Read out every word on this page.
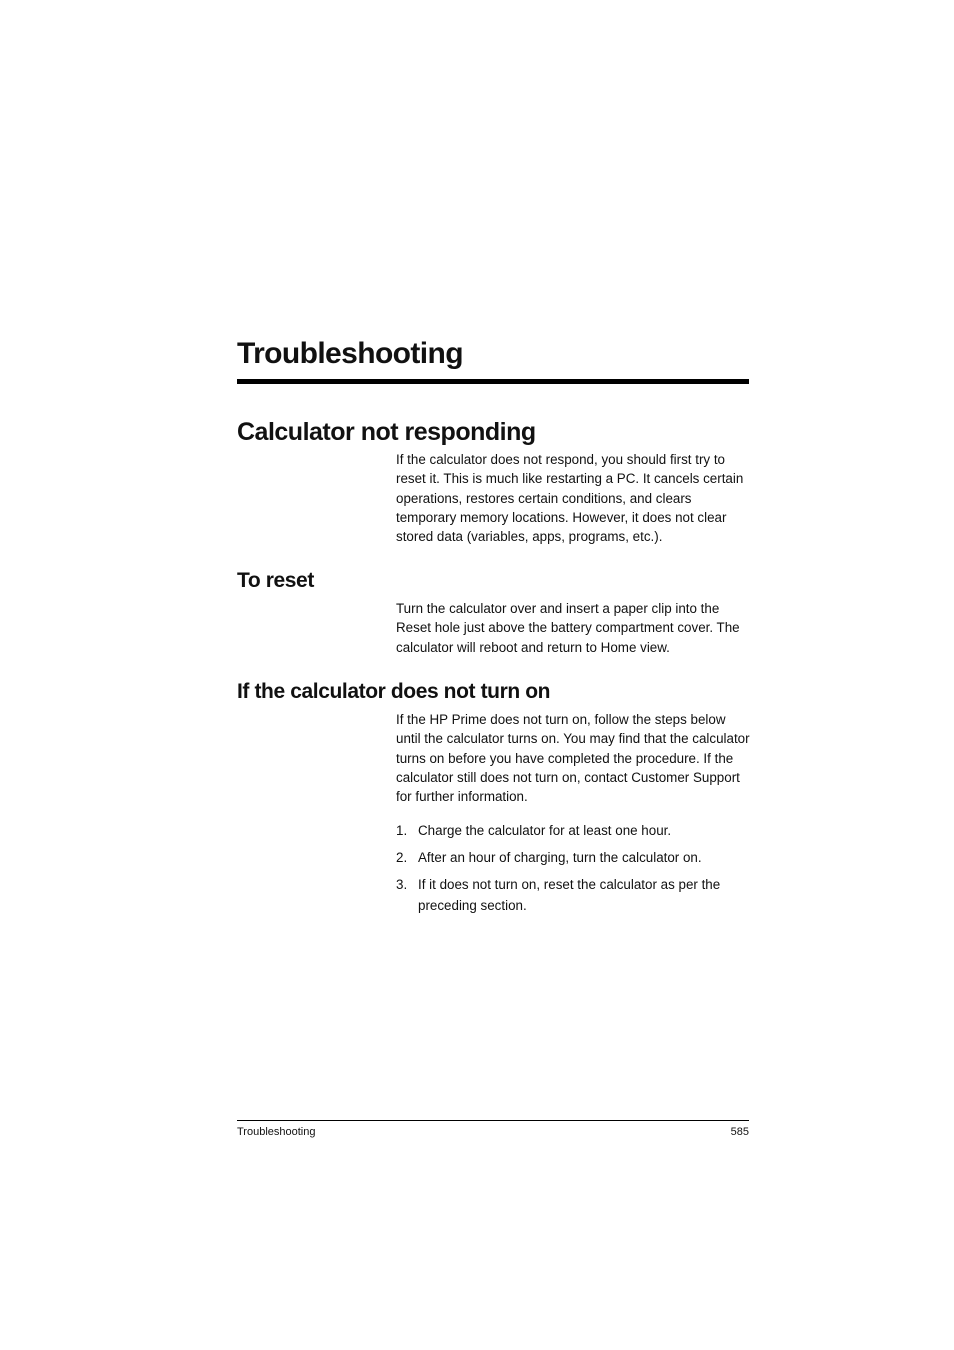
Troubleshooting
Calculator not responding

If the calculator does not respond, you should first try to reset it. This is much like restarting a PC. It cancels certain operations, restores certain conditions, and clears temporary memory locations. However, it does not clear stored data (variables, apps, programs, etc.).

To reset

Turn the calculator over and insert a paper clip into the Reset hole just above the battery compartment cover. The calculator will reboot and return to Home view.

If the calculator does not turn on

If the HP Prime does not turn on, follow the steps below until the calculator turns on. You may find that the calculator turns on before you have completed the procedure. If the calculator still does not turn on, contact Customer Support for further information.

1. Charge the calculator for at least one hour.
2. After an hour of charging, turn the calculator on.
3. If it does not turn on, reset the calculator as per the preceding section.
Troubleshooting	585
